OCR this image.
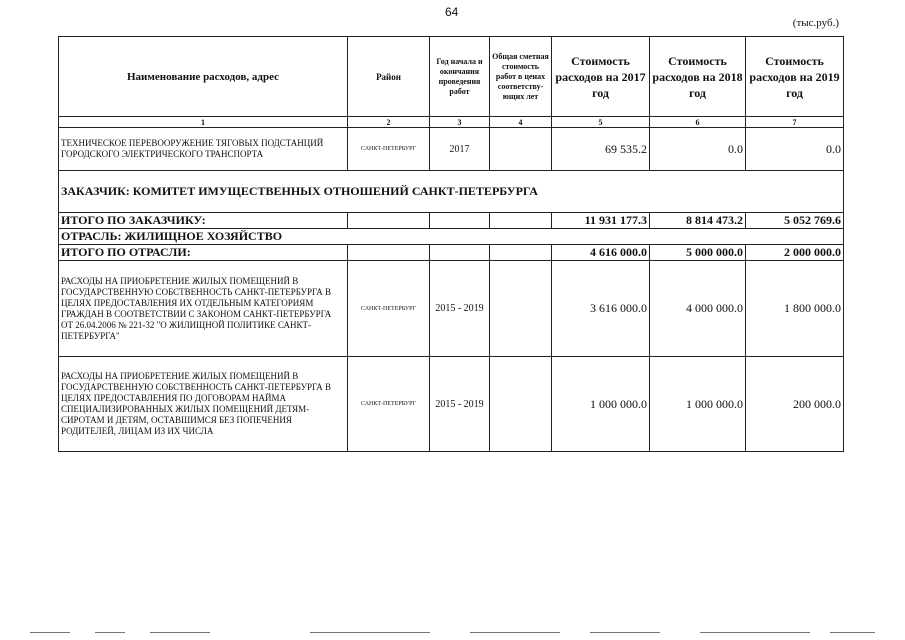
64
(тыс.руб.)
Наименование расходов, адрес	Район	Год начала и окончания проведения работ	Общая сметная стоимость работ в ценах соответству-ющих лет	Стоимость расходов на 2017 год	Стоимость расходов на 2018 год	Стоимость расходов на 2019 год
1	2	3	4	5	6	7
ТЕХНИЧЕСКОЕ ПЕРЕВООРУЖЕНИЕ ТЯГОВЫХ ПОДСТАНЦИЙ ГОРОДСКОГО ЭЛЕКТРИЧЕСКОГО ТРАНСПОРТА	САНКТ-ПЕТЕРБУРГ	2017		69 535.2	0.0	0.0
ЗАКАЗЧИК: КОМИТЕТ ИМУЩЕСТВЕННЫХ ОТНОШЕНИЙ САНКТ-ПЕТЕРБУРГА						
ИТОГО ПО ЗАКАЗЧИКУ:				11 931 177.3	8 814 473.2	5 052 769.6
ОТРАСЛЬ: ЖИЛИЩНОЕ ХОЗЯЙСТВО						
ИТОГО ПО ОТРАСЛИ:				4 616 000.0	5 000 000.0	2 000 000.0
РАСХОДЫ НА ПРИОБРЕТЕНИЕ ЖИЛЫХ ПОМЕЩЕНИЙ В ГОСУДАРСТВЕННУЮ СОБСТВЕННОСТЬ САНКТ-ПЕТЕРБУРГА В ЦЕЛЯХ ПРЕДОСТАВЛЕНИЯ ИХ ОТДЕЛЬНЫМ КАТЕГОРИЯМ ГРАЖДАН В СООТВЕТСТВИИ С ЗАКОНОМ САНКТ-ПЕТЕРБУРГА ОТ 26.04.2006 № 221-32 "О ЖИЛИЩНОЙ ПОЛИТИКЕ САНКТ-ПЕТЕРБУРГА"	САНКТ-ПЕТЕРБУРГ	2015 - 2019		3 616 000.0	4 000 000.0	1 800 000.0
РАСХОДЫ НА ПРИОБРЕТЕНИЕ ЖИЛЫХ ПОМЕЩЕНИЙ В ГОСУДАРСТВЕННУЮ СОБСТВЕННОСТЬ САНКТ-ПЕТЕРБУРГА В ЦЕЛЯХ ПРЕДОСТАВЛЕНИЯ ПО ДОГОВОРАМ НАЙМА СПЕЦИАЛИЗИРОВАННЫХ ЖИЛЫХ ПОМЕЩЕНИЙ ДЕТЯМ-СИРОТАМ И ДЕТЯМ, ОСТАВШИМСЯ БЕЗ ПОПЕЧЕНИЯ РОДИТЕЛЕЙ, ЛИЦАМ ИЗ ИХ ЧИСЛА	САНКТ-ПЕТЕРБУРГ	2015 - 2019		1 000 000.0	1 000 000.0	200 000.0
